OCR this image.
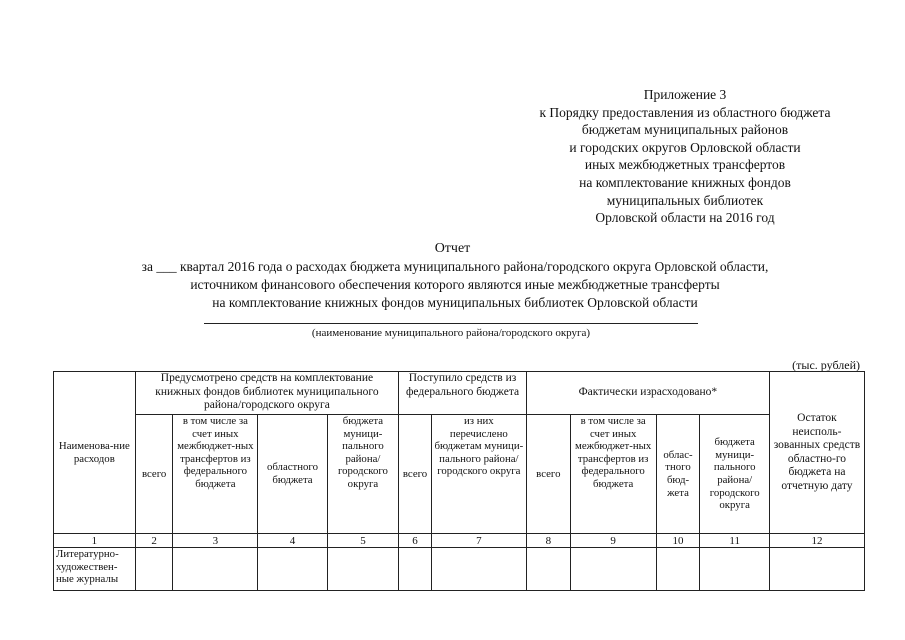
Приложение 3
к Порядку предоставления из областного бюджета
бюджетам муниципальных районов
и городских округов Орловской области
иных межбюджетных трансфертов
на комплектование книжных фондов
муниципальных библиотек
Орловской области на 2016 год
Отчет
за ___ квартал 2016 года о расходах бюджета муниципального района/городского округа Орловской области,
источником финансового обеспечения которого являются иные межбюджетные трансферты
на комплектование книжных фондов муниципальных библиотек Орловской области
(наименование муниципального района/городского округа)
(тыс. рублей)
Наименова-ние расходов	Предусмотрено средств на комплектование книжных фондов библиотек муниципального района/городского округа				Поступило средств из федерального бюджета		Фактически израсходовано*				Остаток неисполь-зованных средств областно-го бюджета на отчетную дату
	всего	в том числе за счет иных межбюджет-ных трансфертов из федерального бюджета	областного бюджета	бюджета муници-пального района/ городского округа	всего	из них перечислено бюджетам муници-пального района/ городского округа	всего	в том числе за счет иных межбюджет-ных трансфертов из федерального бюджета	облас-тного бюд-жета	бюджета муници-пального района/ городского округа	
1	2	3	4	5	6	7	8	9	10	11	12
Литературно-художествен-ные журналы											
